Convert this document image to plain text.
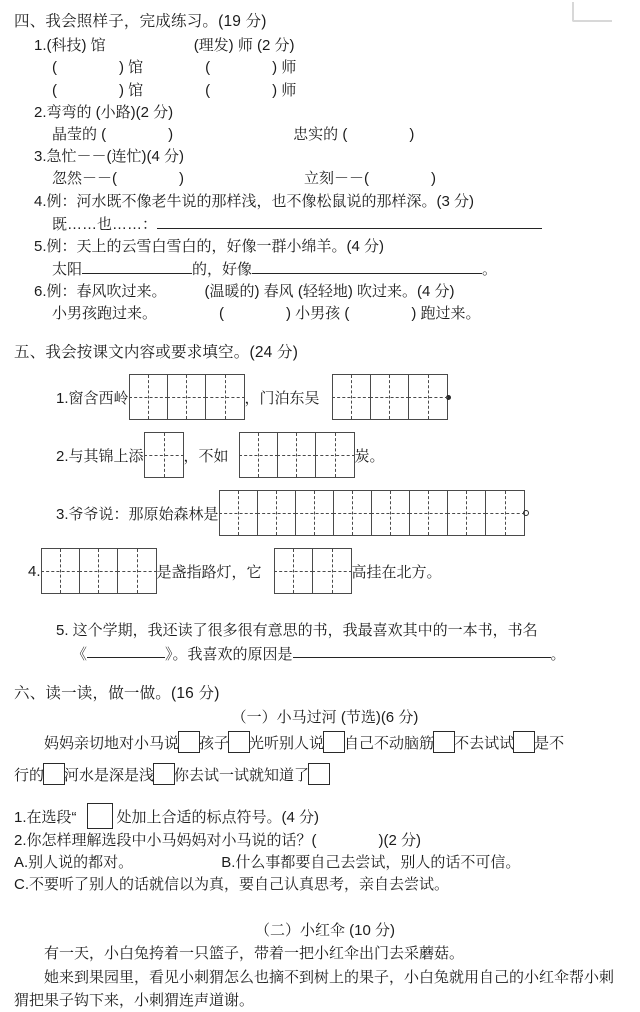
四、我会照样子，完成练习。(19 分)
1.(科技) 馆	(理发) 师 (2 分)
(	) 馆	(	) 师
(	) 馆	(	) 师
2.弯弯的 (小路)(2 分)
晶莹的 (	)	忠实的 (	)
3.急忙－－(连忙)(4 分)
忽然－－(	)	立刻－－(	)
4.例：河水既不像老牛说的那样浅，也不像松鼠说的那样深。(3 分)
既……也……：
5.例：天上的云雪白雪白的，好像一群小绵羊。(4 分)
太阳	的，好像	。
6.例：春风吹过来。	(温暖的) 春风 (轻轻地) 吹过来。(4 分)
小男孩跑过来。	(	) 小男孩 (	) 跑过来。
五、我会按课文内容或要求填空。(24 分)
1.窗含西岭	，门泊东吴
2.与其锦上添	，不如	炭。
3.爷爷说：那原始森林是
4.	是盏指路灯，它	高挂在北方。
5. 这个学期，我还读了很多很有意思的书，我最喜欢其中的一本书，书名
《	》。我喜欢的原因是	。
六、读一读，做一做。(16 分)
（一）小马过河 (节选)(6 分)
妈妈亲切地对小马说 孩子 光听别人说 自己不动脑筋 不去试试 是不
行的 河水是深是浅 你去试一试就知道了
1.在选段“	处加上合适的标点符号。(4 分)
2.你怎样理解选段中小马妈妈对小马说的话？(	)(2 分)
A.别人说的都对。	B.什么事都要自己去尝试，别人的话不可信。
C.不要听了别人的话就信以为真，要自己认真思考，亲自去尝试。
（二）小红伞 (10 分)
有一天，小白兔挎着一只篮子，带着一把小红伞出门去采蘑菇。
她来到果园里，看见小刺猬怎么也摘不到树上的果子，小白兔就用自己的小红伞帮小刺猬把果子钩下来，小刺猬连声道谢。
